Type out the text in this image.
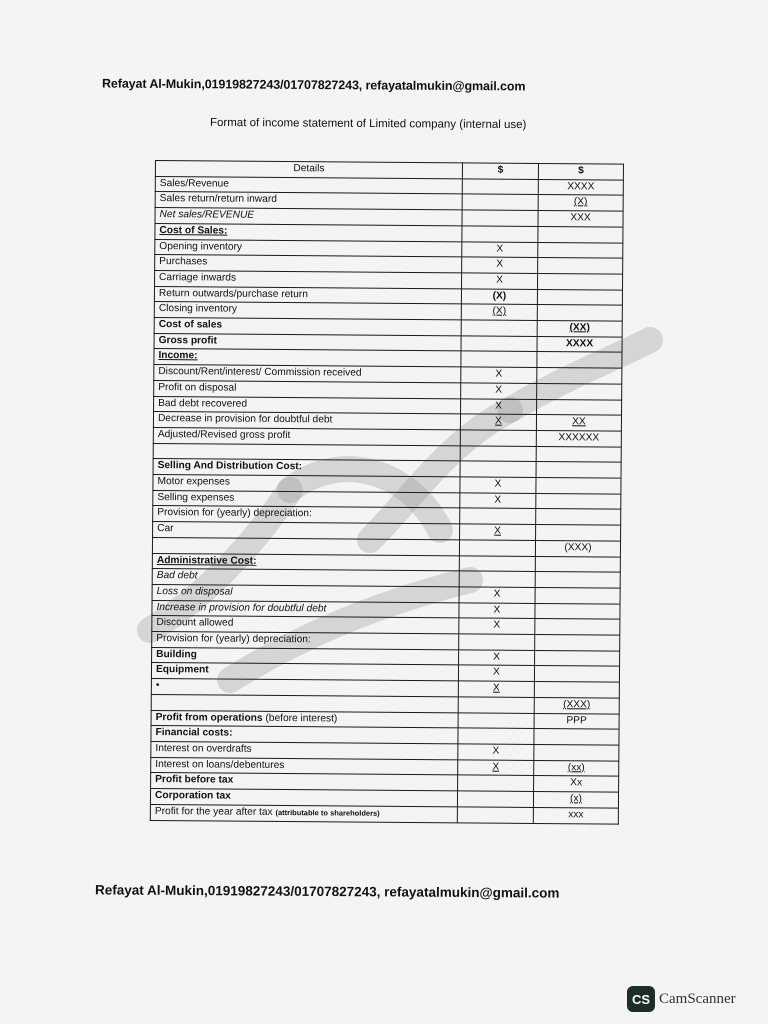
Refayat Al-Mukin,01919827243/01707827243, refayatalmukin@gmail.com
Format of income statement of Limited company (internal use)
Details	$	$
Sales/Revenue		XXXX
Sales return/return inward		(X)
Net sales/REVENUE		XXX
Cost of Sales:		
Opening inventory	X	
Purchases	X	
Carriage inwards	X	
Return outwards/purchase return	(X)	
Closing inventory	(X)	
Cost of sales		(XX)
Gross profit		XXXX
Income:		
Discount/Rent/interest/ Commission received	X	
Profit on disposal	X	
Bad debt recovered	X	
Decrease in provision for doubtful debt	X	XX
Adjusted/Revised gross profit		XXXXXX

Selling And Distribution Cost:		
Motor expenses	X	
Selling expenses	X	
Provision for (yearly) depreciation:		
Car	X	
		(XXX)
Administrative Cost:		
Bad debt		
Loss on disposal	X	
Increase in provision for doubtful debt	X	
Discount allowed	X	
Provision for (yearly) depreciation:		
Building	X	
Equipment	X	
•	X	
		(XXX)
Profit from operations (before interest)		PPP
Financial costs:		
Interest on overdrafts	X	
Interest on loans/debentures	X	(xx)
Profit before tax		Xx
Corporation tax		(x)
Profit for the year after tax (attributable to shareholders)		xxx
Refayat Al-Mukin,01919827243/01707827243, refayatalmukin@gmail.com
CS CamScanner
